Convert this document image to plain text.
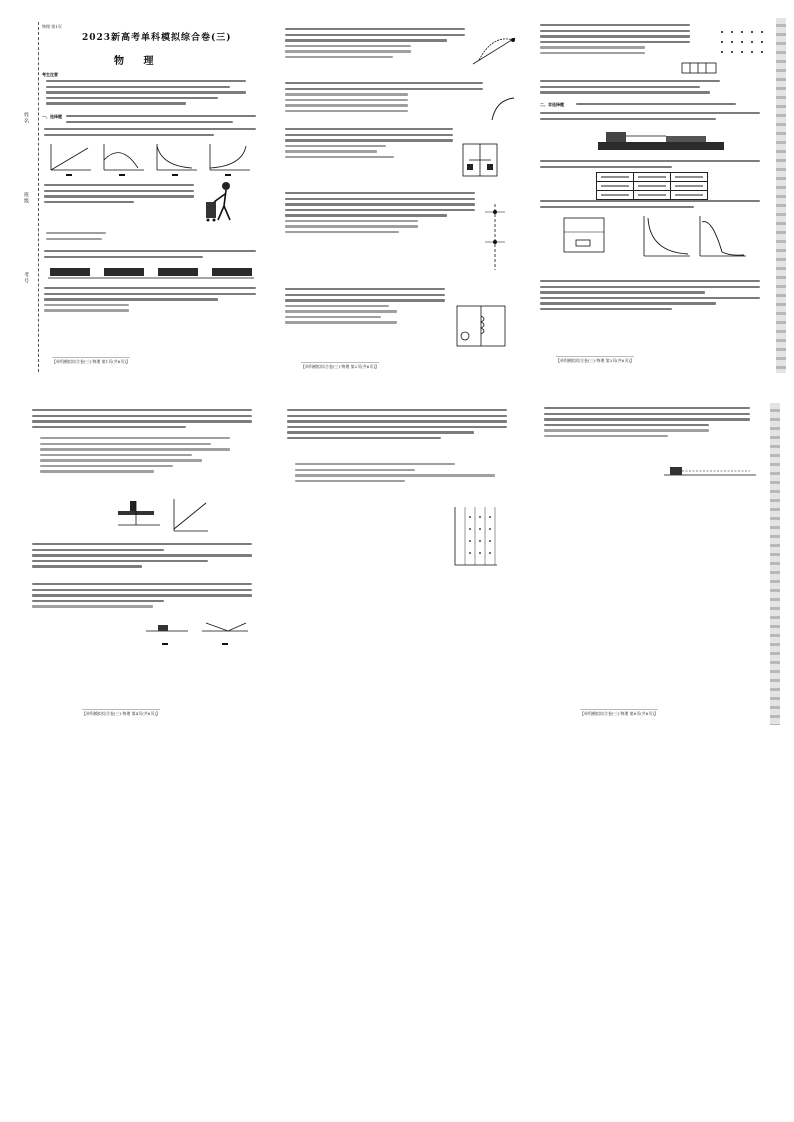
姓名
班级
考号
物理·第1页
2023新高考单科模拟综合卷(三)
物 理
考生注意
一、选择题
【单科模拟综合卷(三)·物理 第1页(共6页)】
【单科模拟综合卷(三)·物理 第2页(共6页)】
二、非选择题
【单科模拟综合卷(三)·物理 第3页(共6页)】
【单科模拟综合卷(三)·物理 第4页(共6页)】	【单科模拟综合卷(三)·物理 第6页(共6页)】
